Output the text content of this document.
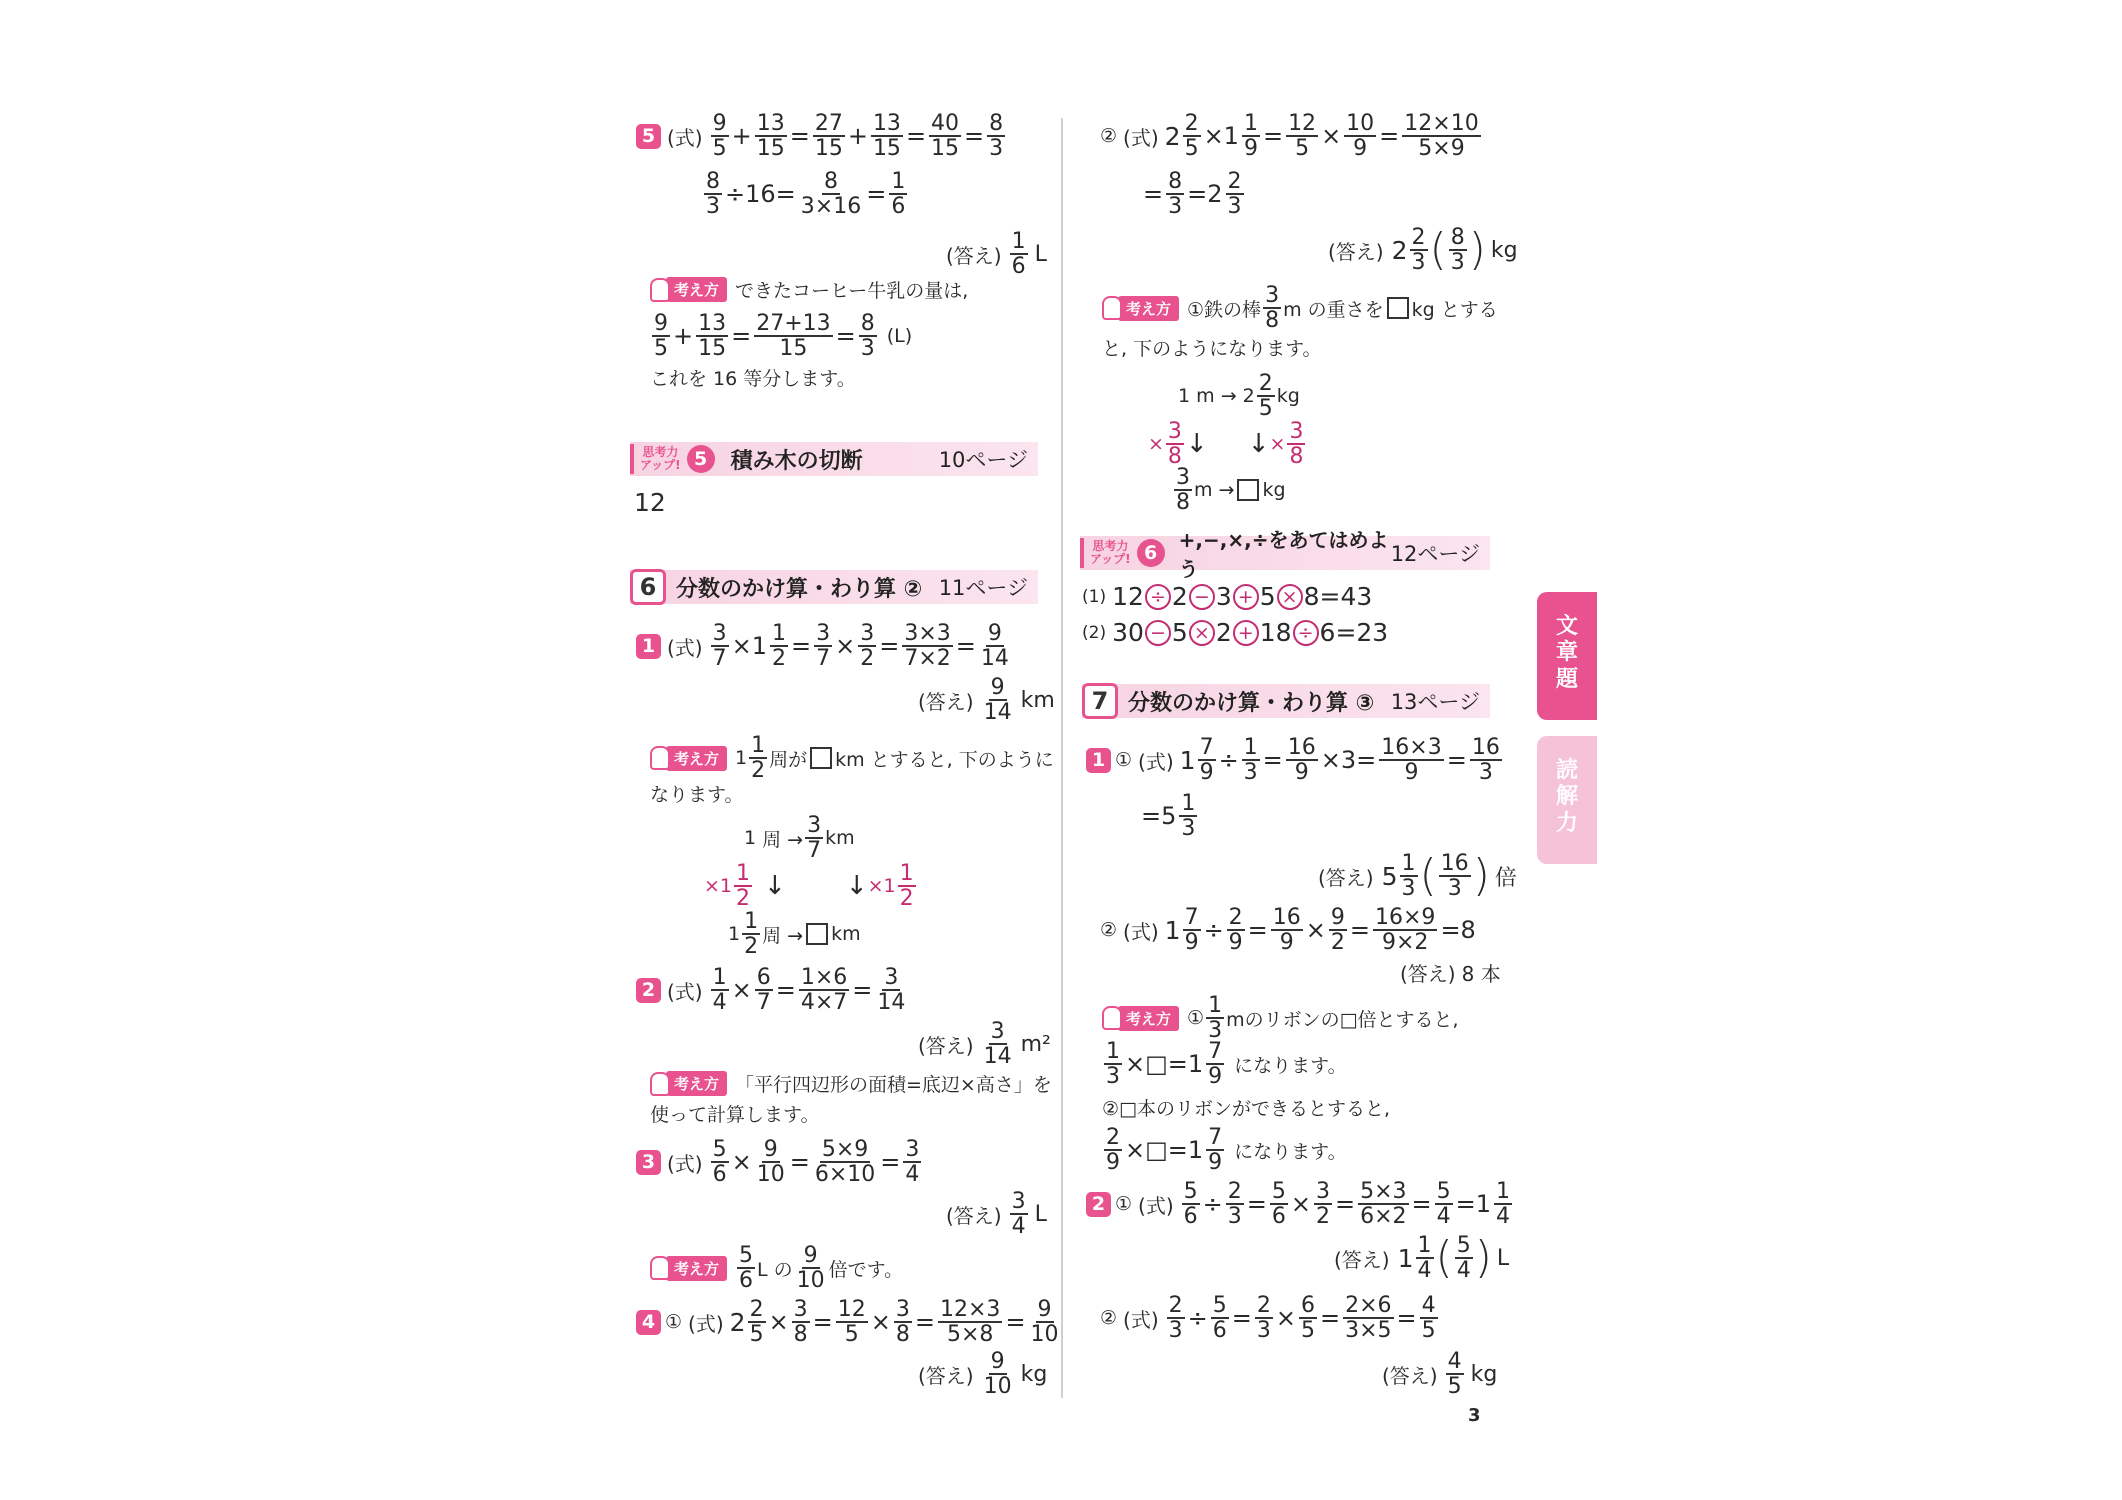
5 (式) $\frac{9}{5} + \frac{13}{15} = \frac{27}{15} + \frac{13}{15} = \frac{40}{15} = \frac{8}{3}$
$\frac{8}{3} \div 16= \frac{8}{3\times 16} = \frac{1}{6}$
(答え) $\frac{1}{6}$ L
考え方 できたコーヒー牛乳の量は,
$\frac{9}{5} + \frac{13}{15} = \frac{27+13}{15} = \frac{8}{3} (L)$
これを 16 等分します。
思考力
アップ! 5	積み木の切断	10ページ
12
6 分数のかけ算・わり算 ② 11ページ
1 (式) $\frac{3}{7} \times 1 \frac{1}{2} = \frac{3}{7} \times \frac{3}{2} = \frac{3\times 3}{7\times 2} = \frac{9}{14}$
(答え) $\frac{9}{14}$ km
考え方 $1 \frac{1}{2}$ 周が km とすると, 下のように
なります。
1 周 → $\frac{3}{7}$ km
$\times 1 \frac{1}{2}$ ↓ ↓ $\times 1 \frac{1}{2}$
$1 \frac{1}{2}$ 周 → km
2 (式) $\frac{1}{4} \times \frac{6}{7} = \frac{1\times 6}{4\times 7} = \frac{3}{14}$
(答え) $\frac{3}{14} m^2$
考え方 「平行四辺形の面積=底辺×高さ」を
使って計算します。
3 (式) $\frac{5}{6} \times \frac{9}{10} = \frac{5\times 9}{6\times 10} = \frac{3}{4}$
(答え) $\frac{3}{4}$ L
考え方 $\frac{5}{6}$ L の $\frac{9}{10}$ 倍です。
4 ① (式) $2 \frac{2}{5} \times \frac{3}{8} = \frac{12}{5} \times \frac{3}{8} = \frac{12\times 3}{5\times 8} = \frac{9}{10}$
(答え) $\frac{9}{10}$ kg
② (式) $2 \frac{2}{5} \times 1 \frac{1}{9} = \frac{12}{5} \times \frac{10}{9} = \frac{12\times 10}{5\times 9}$
= $\frac{8}{3} =2 \frac{2}{3}$
(答え) $2 \frac{2}{3}$ ( $\frac{8}{3}$ ) kg
考え方 ①鉄の棒 $\frac{3}{8}$ m の重さを kg とする
と, 下のようになります。
1 $m \to 2 \frac{2}{5}$ kg
× $\frac{3}{8}$ ↓ ↓ × $\frac{3}{8}$
$\frac{3}{8}$ m → kg
思考力
アップ! 6
+,−,×,÷をあてはめよう
12ページ
(1) 12 ÷ 2 − 3 + 5 × 8 =43
(2) 30 − 5 × 2 + 18 ÷ 6 =23
7 分数のかけ算・わり算 ③ 13ページ
1 ① (式) $1 \frac{7}{9} \div \frac{1}{3} = \frac{16}{9} \times 3= \frac{16\times 3}{9} = \frac{16}{3}$
$=5 \frac{1}{3}$
(答え) $5 \frac{1}{3}$ ( $\frac{16}{3}$ ) 倍
② (式) $1 \frac{7}{9} \div \frac{2}{9} = \frac{16}{9} \times \frac{9}{2} = \frac{16\times 9}{9\times 2} =8$
(答え) 8 本
考え方 ① $\frac{1}{3}$ mのリボンの□倍とすると,
$\frac{1}{3}$ ×□=1 $\frac{7}{9}$ になります。
②□本のリボンができるとすると,
$\frac{2}{9}$ ×□=1 $\frac{7}{9}$ になります。
2 ① (式) $\frac{5}{6} \div \frac{2}{3} = \frac{5}{6} \times \frac{3}{2} = \frac{5\times 3}{6\times 2} = \frac{5}{4} =1 \frac{1}{4}$
(答え) $1 \frac{1}{4}$ ( $\frac{5}{4}$ ) L
② (式) $\frac{2}{3} \div \frac{5}{6} = \frac{2}{3} \times \frac{6}{5} = \frac{2\times 6}{3\times 5} = \frac{4}{5}$
(答え) $\frac{4}{5}$ kg
文
章
題
読
解
力
3
